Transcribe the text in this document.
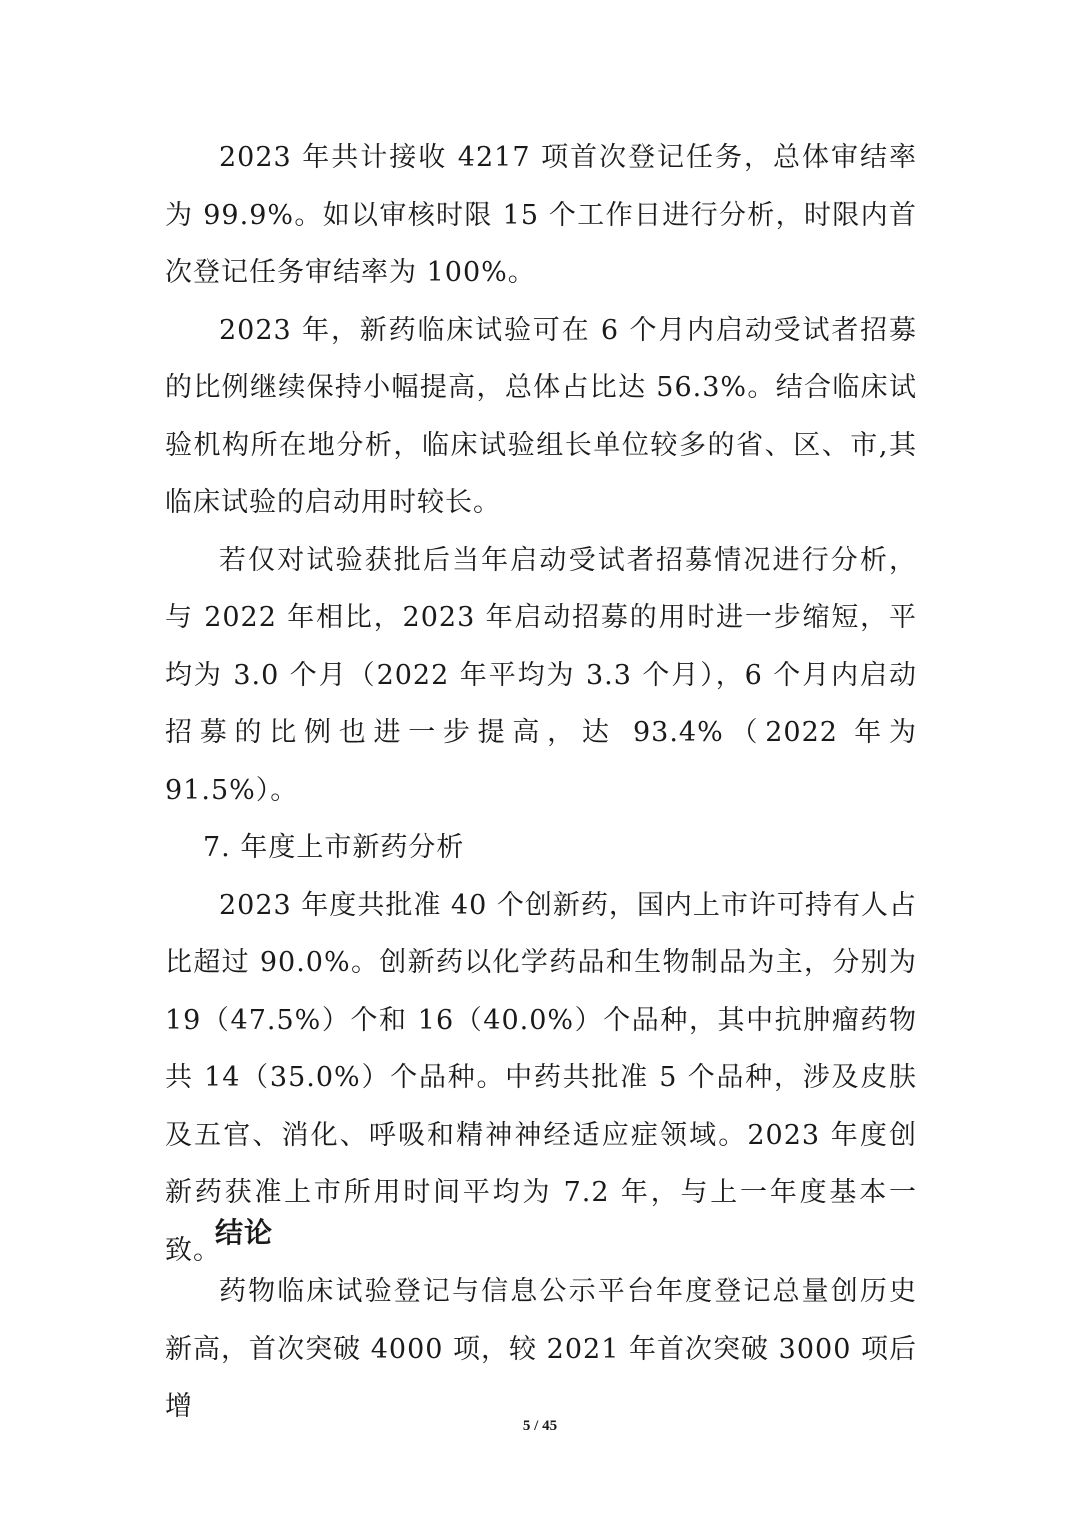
2023 年共计接收 4217 项首次登记任务，总体审结率为 99.9%。如以审核时限 15 个工作日进行分析，时限内首次登记任务审结率为 100%。

2023 年，新药临床试验可在 6 个月内启动受试者招募的比例继续保持小幅提高，总体占比达 56.3%。结合临床试验机构所在地分析，临床试验组长单位较多的省、区、市,其临床试验的启动用时较长。

若仅对试验获批后当年启动受试者招募情况进行分析，与 2022 年相比，2023 年启动招募的用时进一步缩短，平均为 3.0 个月（2022 年平均为 3.3 个月），6 个月内启动招募的比例也进一步提高，达 93.4%（2022 年为 91.5%）。

7. 年度上市新药分析

2023 年度共批准 40 个创新药，国内上市许可持有人占比超过 90.0%。创新药以化学药品和生物制品为主，分别为 19（47.5%）个和 16（40.0%）个品种，其中抗肿瘤药物共 14（35.0%）个品种。中药共批准 5 个品种，涉及皮肤及五官、消化、呼吸和精神神经适应症领域。2023 年度创新药获准上市所用时间平均为 7.2 年，与上一年度基本一致。

结论

药物临床试验登记与信息公示平台年度登记总量创历史新高，首次突破 4000 项，较 2021 年首次突破 3000 项后增

5 / 45
